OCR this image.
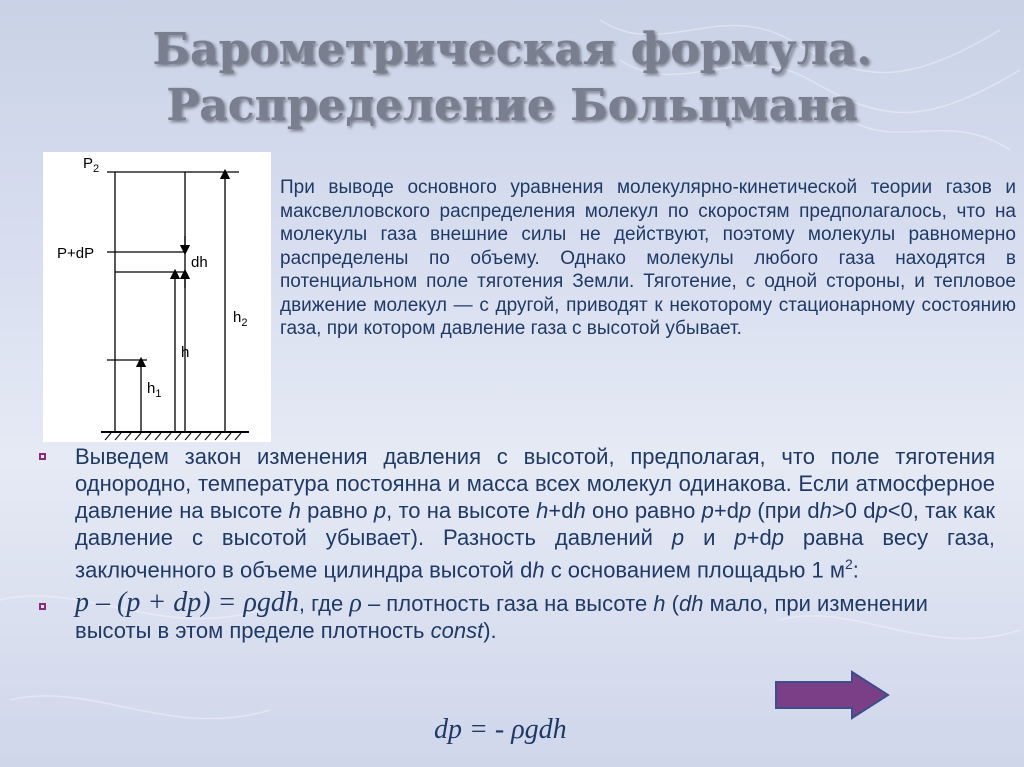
Барометрическая формула.
Распределение Больцмана
$P_2$
P+dP
dh
$h_2$
h
$h_1$

При выводе основного уравнения молекулярно-кинетической теории газов и максвелловского распределения молекул по скоростям предполагалось, что на молекулы газа внешние силы не действуют, поэтому молекулы равномерно распределены по объему. Однако молекулы любого газа находятся в потенциальном поле тяготения Земли. Тяготение, с одной стороны, и тепловое движение молекул — с другой, приводят к некоторому стационарному состоянию газа, при котором давление газа с высотой убывает.

Выведем закон изменения давления с высотой, предполагая, что поле тяготения однородно, температура постоянна и масса всех молекул одинакова. Если атмосферное давление на высоте h равно p, то на высоте h+dh оно равно p+dp (при dh>0 dp<0, так как давление с высотой убывает). Разность давлений p и p+dp равна весу газа, заключенного в объеме цилиндра высотой dh с основанием площадью 1 $м^2$:
p – (p + dp) = ρgdh, где ρ – плотность газа на высоте h (dh мало, при изменении высоты в этом пределе плотность const).
dp = - ρgdh
